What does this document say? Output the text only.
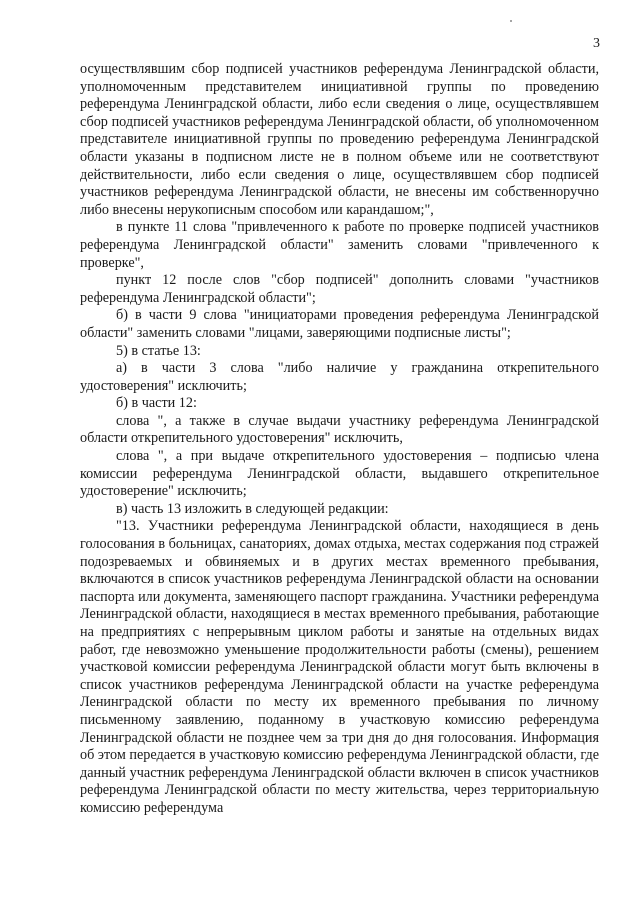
3

осуществлявшим сбор подписей участников референдума Ленинградской области, уполномоченным представителем инициативной группы по проведению референдума Ленинградской области, либо если сведения о лице, осуществлявшем сбор подписей участников референдума Ленинградской области, об уполномоченном представителе инициативной группы по проведению референдума Ленинградской области указаны в подписном листе не в полном объеме или не соответствуют действительности, либо если сведения о лице, осуществлявшем сбор подписей участников референдума Ленинградской области, не внесены им собственноручно либо внесены нерукописным способом или карандашом;",

в пункте 11 слова "привлеченного к работе по проверке подписей участников референдума Ленинградской области" заменить словами "привлеченного к проверке",

пункт 12 после слов "сбор подписей" дополнить словами "участников референдума Ленинградской области";

б) в части 9 слова "инициаторами проведения референдума Ленинградской области" заменить словами "лицами, заверяющими подписные листы";

5) в статье 13:

а) в части 3 слова "либо наличие у гражданина открепительного удостоверения" исключить;

б) в части 12:

слова ", а также в случае выдачи участнику референдума Ленинградской области открепительного удостоверения" исключить,

слова ", а при выдаче открепительного удостоверения – подписью члена комиссии референдума Ленинградской области, выдавшего открепительное удостоверение" исключить;

в) часть 13 изложить в следующей редакции:

"13. Участники референдума Ленинградской области, находящиеся в день голосования в больницах, санаториях, домах отдыха, местах содержания под стражей подозреваемых и обвиняемых и в других местах временного пребывания, включаются в список участников референдума Ленинградской области на основании паспорта или документа, заменяющего паспорт гражданина. Участники референдума Ленинградской области, находящиеся в местах временного пребывания, работающие на предприятиях с непрерывным циклом работы и занятые на отдельных видах работ, где невозможно уменьшение продолжительности работы (смены), решением участковой комиссии референдума Ленинградской области могут быть включены в список участников референдума Ленинградской области на участке референдума Ленинградской области по месту их временного пребывания по личному письменному заявлению, поданному в участковую комиссию референдума Ленинградской области не позднее чем за три дня до дня голосования. Информация об этом передается в участковую комиссию референдума Ленинградской области, где данный участник референдума Ленинградской области включен в список участников референдума Ленинградской области по месту жительства, через территориальную комиссию референдума
